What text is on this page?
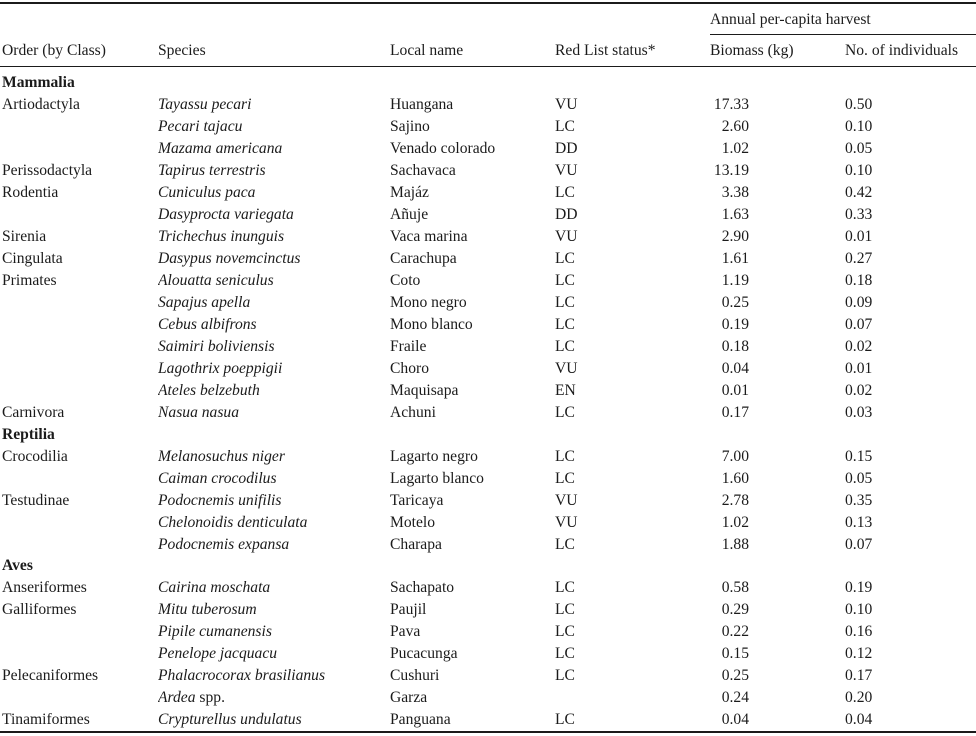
				Annual per-capita harvest	
Order (by Class)	Species	Local name	Red List status*	Biomass (kg)	No. of individuals
Mammalia					
Artiodactyla	Tayassu pecari	Huangana	VU	17.33	0.50
	Pecari tajacu	Sajino	LC	2.60	0.10
	Mazama americana	Venado colorado	DD	1.02	0.05
Perissodactyla	Tapirus terrestris	Sachavaca	VU	13.19	0.10
Rodentia	Cuniculus paca	Majáz	LC	3.38	0.42
	Dasyprocta variegata	Añuje	DD	1.63	0.33
Sirenia	Trichechus inunguis	Vaca marina	VU	2.90	0.01
Cingulata	Dasypus novemcinctus	Carachupa	LC	1.61	0.27
Primates	Alouatta seniculus	Coto	LC	1.19	0.18
	Sapajus apella	Mono negro	LC	0.25	0.09
	Cebus albifrons	Mono blanco	LC	0.19	0.07
	Saimiri boliviensis	Fraile	LC	0.18	0.02
	Lagothrix poeppigii	Choro	VU	0.04	0.01
	Ateles belzebuth	Maquisapa	EN	0.01	0.02
Carnivora	Nasua nasua	Achuni	LC	0.17	0.03
Reptilia					
Crocodilia	Melanosuchus niger	Lagarto negro	LC	7.00	0.15
	Caiman crocodilus	Lagarto blanco	LC	1.60	0.05
Testudinae	Podocnemis unifilis	Taricaya	VU	2.78	0.35
	Chelonoidis denticulata	Motelo	VU	1.02	0.13
	Podocnemis expansa	Charapa	LC	1.88	0.07
Aves					
Anseriformes	Cairina moschata	Sachapato	LC	0.58	0.19
Galliformes	Mitu tuberosum	Paujil	LC	0.29	0.10
	Pipile cumanensis	Pava	LC	0.22	0.16
	Penelope jacquacu	Pucacunga	LC	0.15	0.12
Pelecaniformes	Phalacrocorax brasilianus	Cushuri	LC	0.25	0.17
	Ardea spp.	Garza		0.24	0.20
Tinamiformes	Crypturellus undulatus	Panguana	LC	0.04	0.04
